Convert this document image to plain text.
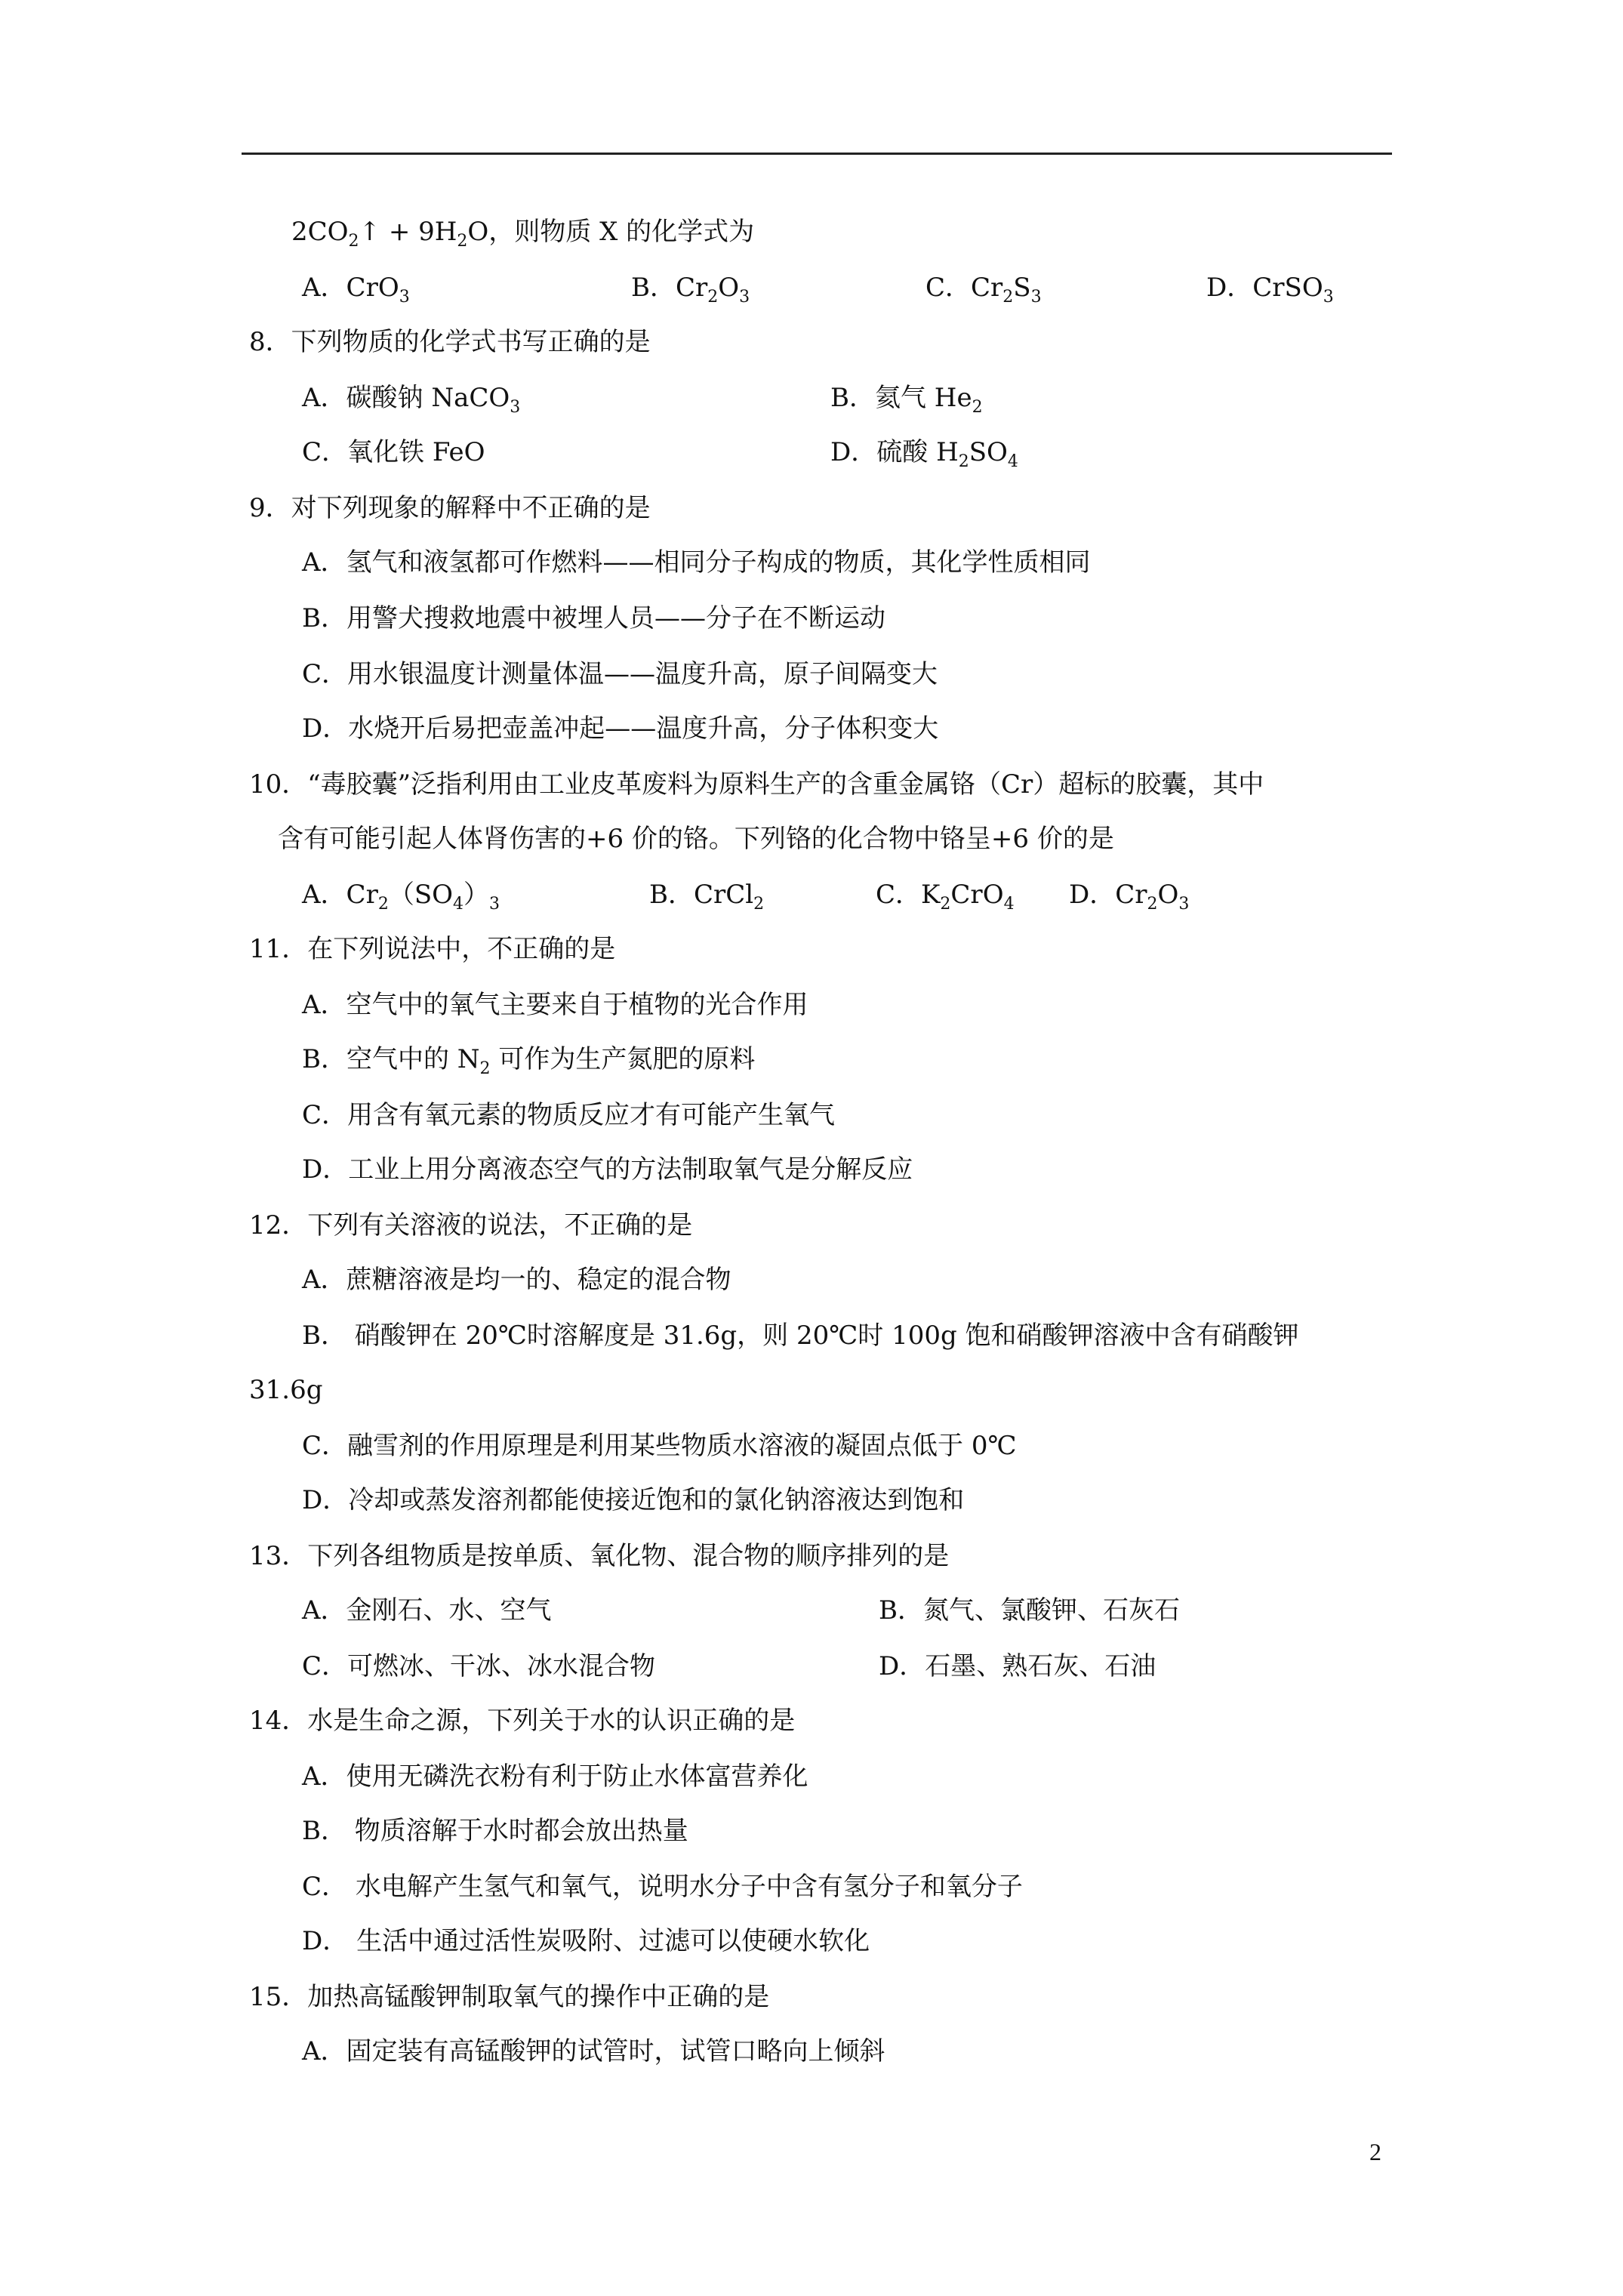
$2CO_2↑ + 9H_2O$，则物质 X 的化学式为
A．CrO$_3$	B．$Cr_2O_3$	C．$Cr_2S_3$	D．CrSO$_3$
8．下列物质的化学式书写正确的是
A．碳酸钠 NaCO$_3$	B．氦气 $He_2$
C．氧化铁 FeO	D．硫酸 $H_2SO_4$
9．对下列现象的解释中不正确的是
A．氢气和液氢都可作燃料——相同分子构成的物质，其化学性质相同
B．用警犬搜救地震中被埋人员——分子在不断运动
C．用水银温度计测量体温——温度升高，原子间隔变大
D．水烧开后易把壶盖冲起——温度升高，分子体积变大
10．“毒胶囊”泛指利用由工业皮革废料为原料生产的含重金属铬（Cr）超标的胶囊，其中
含有可能引起人体肾伤害的+6 价的铬。下列铬的化合物中铬呈+6 价的是
A．$Cr_2(SO_4)_3$	B．CrCl$_2$	C．$K_2CrO_4$ D．$Cr_2O_3$
11．在下列说法中，不正确的是
A．空气中的氧气主要来自于植物的光合作用
B．空气中的 $N_2$ 可作为生产氮肥的原料
C．用含有氧元素的物质反应才有可能产生氧气
D．工业上用分离液态空气的方法制取氧气是分解反应
12．下列有关溶液的说法，不正确的是
A．蔗糖溶液是均一的、稳定的混合物
B． 硝酸钾在 20℃时溶解度是 31.6g，则 20℃时 100g 饱和硝酸钾溶液中含有硝酸钾
31.6g
C．融雪剂的作用原理是利用某些物质水溶液的凝固点低于 0℃
D．冷却或蒸发溶剂都能使接近饱和的氯化钠溶液达到饱和
13．下列各组物质是按单质、氧化物、混合物的顺序排列的是
A．金刚石、水、空气	B．氮气、氯酸钾、石灰石
C．可燃冰、干冰、冰水混合物	D．石墨、熟石灰、石油
14．水是生命之源，下列关于水的认识正确的是
A．使用无磷洗衣粉有利于防止水体富营养化
B． 物质溶解于水时都会放出热量
C． 水电解产生氢气和氧气，说明水分子中含有氢分子和氧分子
D． 生活中通过活性炭吸附、过滤可以使硬水软化
15．加热高锰酸钾制取氧气的操作中正确的是
A．固定装有高锰酸钾的试管时，试管口略向上倾斜
2
